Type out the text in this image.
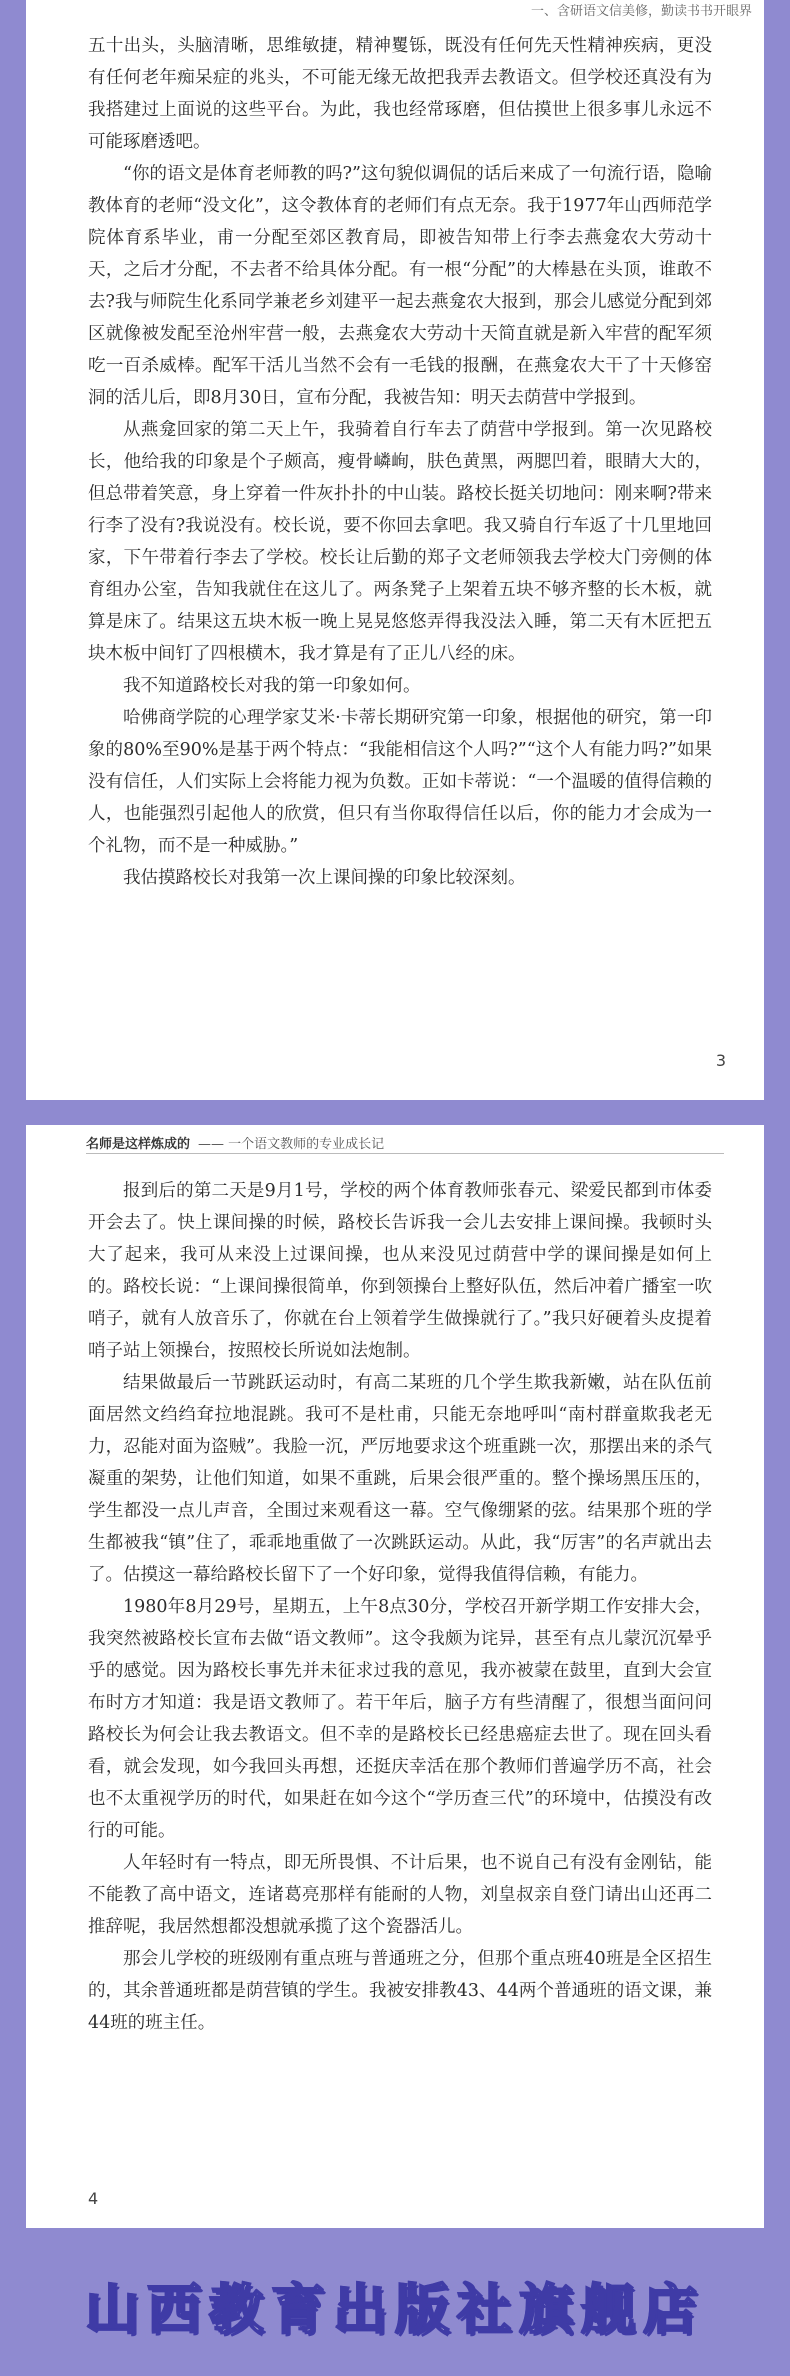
一、含研语文信美修，勤读书书开眼界

五十出头，头脑清晰，思维敏捷，精神矍铄，既没有任何先天性精神疾病，更没有任何老年痴呆症的兆头，不可能无缘无故把我弄去教语文。但学校还真没有为我搭建过上面说的这些平台。为此，我也经常琢磨，但估摸世上很多事儿永远不可能琢磨透吧。

“你的语文是体育老师教的吗?”这句貌似调侃的话后来成了一句流行语，隐喻教体育的老师“没文化”，这令教体育的老师们有点无奈。我于1977年山西师范学院体育系毕业，甫一分配至郊区教育局，即被告知带上行李去燕龛农大劳动十天，之后才分配，不去者不给具体分配。有一根“分配”的大棒悬在头顶，谁敢不去?我与师院生化系同学兼老乡刘建平一起去燕龛农大报到，那会儿感觉分配到郊区就像被发配至沧州牢营一般，去燕龛农大劳动十天简直就是新入牢营的配军须吃一百杀威棒。配军干活儿当然不会有一毛钱的报酬，在燕龛农大干了十天修窑洞的活儿后，即8月30日，宣布分配，我被告知：明天去荫营中学报到。

从燕龛回家的第二天上午，我骑着自行车去了荫营中学报到。第一次见路校长，他给我的印象是个子颇高，瘦骨嶙峋，肤色黄黑，两腮凹着，眼睛大大的，但总带着笑意，身上穿着一件灰扑扑的中山装。路校长挺关切地问：刚来啊?带来行李了没有?我说没有。校长说，要不你回去拿吧。我又骑自行车返了十几里地回家，下午带着行李去了学校。校长让后勤的郑子文老师领我去学校大门旁侧的体育组办公室，告知我就住在这儿了。两条凳子上架着五块不够齐整的长木板，就算是床了。结果这五块木板一晚上晃晃悠悠弄得我没法入睡，第二天有木匠把五块木板中间钉了四根横木，我才算是有了正儿八经的床。

我不知道路校长对我的第一印象如何。

哈佛商学院的心理学家艾米·卡蒂长期研究第一印象，根据他的研究，第一印象的80%至90%是基于两个特点：“我能相信这个人吗?”“这个人有能力吗?”如果没有信任，人们实际上会将能力视为负数。正如卡蒂说：“一个温暖的值得信赖的人，也能强烈引起他人的欣赏，但只有当你取得信任以后，你的能力才会成为一个礼物，而不是一种威胁。”

我估摸路校长对我第一次上课间操的印象比较深刻。

3
名师是这样炼成的 —— 一个语文教师的专业成长记

报到后的第二天是9月1号，学校的两个体育教师张春元、梁爱民都到市体委开会去了。快上课间操的时候，路校长告诉我一会儿去安排上课间操。我顿时头大了起来，我可从来没上过课间操，也从来没见过荫营中学的课间操是如何上的。路校长说：“上课间操很简单，你到领操台上整好队伍，然后冲着广播室一吹哨子，就有人放音乐了，你就在台上领着学生做操就行了。”我只好硬着头皮提着哨子站上领操台，按照校长所说如法炮制。

结果做最后一节跳跃运动时，有高二某班的几个学生欺我新嫩，站在队伍前面居然文绉绉耷拉地混跳。我可不是杜甫，只能无奈地呼叫“南村群童欺我老无力，忍能对面为盗贼”。我脸一沉，严厉地要求这个班重跳一次，那摆出来的杀气凝重的架势，让他们知道，如果不重跳，后果会很严重的。整个操场黑压压的，学生都没一点儿声音，全围过来观看这一幕。空气像绷紧的弦。结果那个班的学生都被我“镇”住了，乖乖地重做了一次跳跃运动。从此，我“厉害”的名声就出去了。估摸这一幕给路校长留下了一个好印象，觉得我值得信赖，有能力。

1980年8月29号，星期五，上午8点30分，学校召开新学期工作安排大会，我突然被路校长宣布去做“语文教师”。这令我颇为诧异，甚至有点儿蒙沉沉晕乎乎的感觉。因为路校长事先并未征求过我的意见，我亦被蒙在鼓里，直到大会宣布时方才知道：我是语文教师了。若干年后，脑子方有些清醒了，很想当面问问路校长为何会让我去教语文。但不幸的是路校长已经患癌症去世了。现在回头看看，就会发现，如今我回头再想，还挺庆幸活在那个教师们普遍学历不高，社会也不太重视学历的时代，如果赶在如今这个“学历查三代”的环境中，估摸没有改行的可能。

人年轻时有一特点，即无所畏惧、不计后果，也不说自己有没有金刚钻，能不能教了高中语文，连诸葛亮那样有能耐的人物，刘皇叔亲自登门请出山还再二推辞呢，我居然想都没想就承揽了这个瓷器活儿。

那会儿学校的班级刚有重点班与普通班之分，但那个重点班40班是全区招生的，其余普通班都是荫营镇的学生。我被安排教43、44两个普通班的语文课，兼44班的班主任。

4
山西教育出版社旗舰店
